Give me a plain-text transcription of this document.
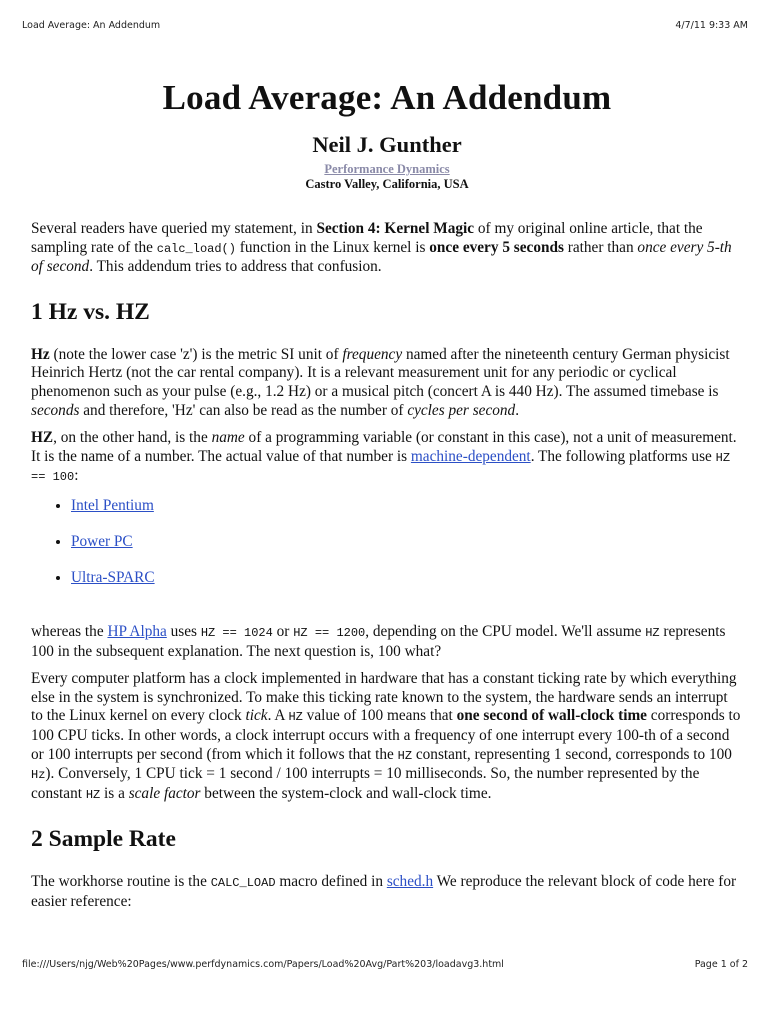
Load Average: An Addendum	4/7/11 9:33 AM
Load Average: An Addendum
Neil J. Gunther
Performance Dynamics
Castro Valley, California, USA

Several readers have queried my statement, in Section 4: Kernel Magic of my original online article, that the sampling rate of the calc_load() function in the Linux kernel is once every 5 seconds rather than once every 5-th of second. This addendum tries to address that confusion.

1 Hz vs. HZ

Hz (note the lower case 'z') is the metric SI unit of frequency named after the nineteenth century German physicist Heinrich Hertz (not the car rental company). It is a relevant measurement unit for any periodic or cyclical phenomenon such as your pulse (e.g., 1.2 Hz) or a musical pitch (concert A is 440 Hz). The assumed timebase is seconds and therefore, 'Hz' can also be read as the number of cycles per second.

HZ, on the other hand, is the name of a programming variable (or constant in this case), not a unit of measurement. It is the name of a number. The actual value of that number is machine-dependent. The following platforms use HZ == 100:

• Intel Pentium
• Power PC
• Ultra-SPARC

whereas the HP Alpha uses HZ == 1024 or HZ == 1200, depending on the CPU model. We'll assume HZ represents 100 in the subsequent explanation. The next question is, 100 what?

Every computer platform has a clock implemented in hardware that has a constant ticking rate by which everything else in the system is synchronized. To make this ticking rate known to the system, the hardware sends an interrupt to the Linux kernel on every clock tick. A HZ value of 100 means that one second of wall-clock time corresponds to 100 CPU ticks. In other words, a clock interrupt occurs with a frequency of one interrupt every 100-th of a second or 100 interrupts per second (from which it follows that the HZ constant, representing 1 second, corresponds to 100 Hz). Conversely, 1 CPU tick = 1 second / 100 interrupts = 10 milliseconds. So, the number represented by the constant HZ is a scale factor between the system-clock and wall-clock time.

2 Sample Rate

The workhorse routine is the CALC_LOAD macro defined in sched.h We reproduce the relevant block of code here for easier reference:

file:///Users/njg/Web%20Pages/www.perfdynamics.com/Papers/Load%20Avg/Part%203/loadavg3.html	Page 1 of 2
